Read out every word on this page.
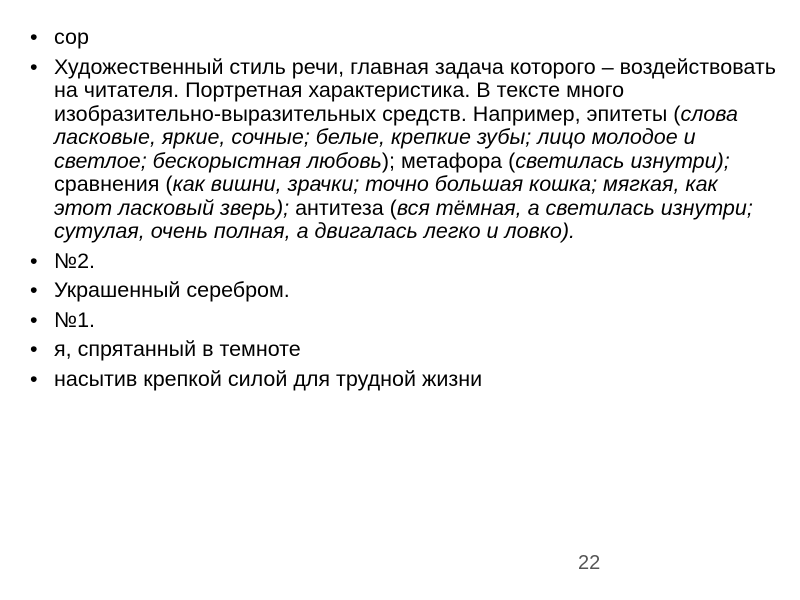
• сор
• Художественный стиль речи, главная задача которого – воздействовать на читателя. Портретная характеристика. В тексте много изобразительно-выразительных средств. Например, эпитеты (слова ласковые, яркие, сочные; белые, крепкие зубы; лицо молодое и светлое; бескорыстная любовь); метафора (светилась изнутри); сравнения (как вишни, зрачки; точно большая кошка; мягкая, как этот ласковый зверь); антитеза (вся тёмная, а светилась изнутри; сутулая, очень полная, а двигалась легко и ловко).
• №2.
• Украшенный серебром.
• №1.
• я, спрятанный в темноте
• насытив крепкой силой для трудной жизни
22
